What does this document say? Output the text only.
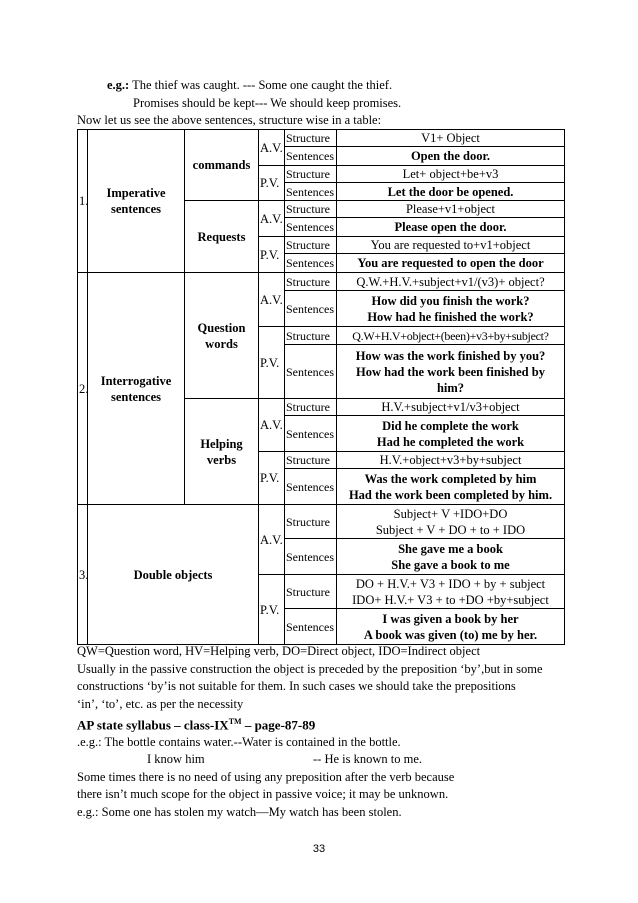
e.g.: The thief was caught. --- Some one caught the thief.
Promises should be kept--- We should keep promises.
Now let us see the above sentences, structure wise in a table:
1.	Imperative sentences	commands	A.V.	Structure	V1+ Object
				Sentences	Open the door.
			P.V.	Structure	Let+ object+be+v3
				Sentences	Let the door be opened.
		Requests	A.V.	Structure	Please+v1+object
				Sentences	Please open the door.
			P.V.	Structure	You are requested to+v1+object
				Sentences	You are requested to open the door
2.	Interrogative sentences	Question words	A.V.	Structure	Q.W.+H.V.+subject+v1/(v3)+ object?
				Sentences	How did you finish the work?
How had he finished the work?

			P.V.	Structure	Q.W+H.V+object+(been)+v3+by+subject?
				Sentences	How was the work finished by you?
How had the work been finished by
him?

		Helping verbs	A.V.	Structure	H.V.+subject+v1/v3+object
				Sentences	Did he complete the work
Had he completed the work

			P.V.	Structure	H.V.+object+v3+by+subject
				Sentences	Was the work completed by him
Had the work been completed by him.

3.	Double objects		A.V.	Structure	Subject+ V +IDO+DO
Subject + V + DO + to + IDO

				Sentences	She gave me a book
She gave a book to me

			P.V.	Structure	DO + H.V.+ V3 + IDO + by + subject
IDO+ H.V.+ V3 + to +DO +by+subject

				Sentences	I was given a book by her
A book was given (to) me by her.
QW=Question word, HV=Helping verb, DO=Direct object, IDO=Indirect object
Usually in the passive construction the object is preceded by the preposition ‘by’,but in some
constructions ‘by’is not suitable for them. In such cases we should take the prepositions
‘in’, ‘to’, etc. as per the necessity
AP state syllabus – class-IX™ – page-87-89
.e.g.: The bottle contains water.--Water is contained in the bottle.
I know him	-- He is known to me.
Some times there is no need of using any preposition after the verb because
there isn’t much scope for the object in passive voice; it may be unknown.
e.g.: Some one has stolen my watch—My watch has been stolen.
33
